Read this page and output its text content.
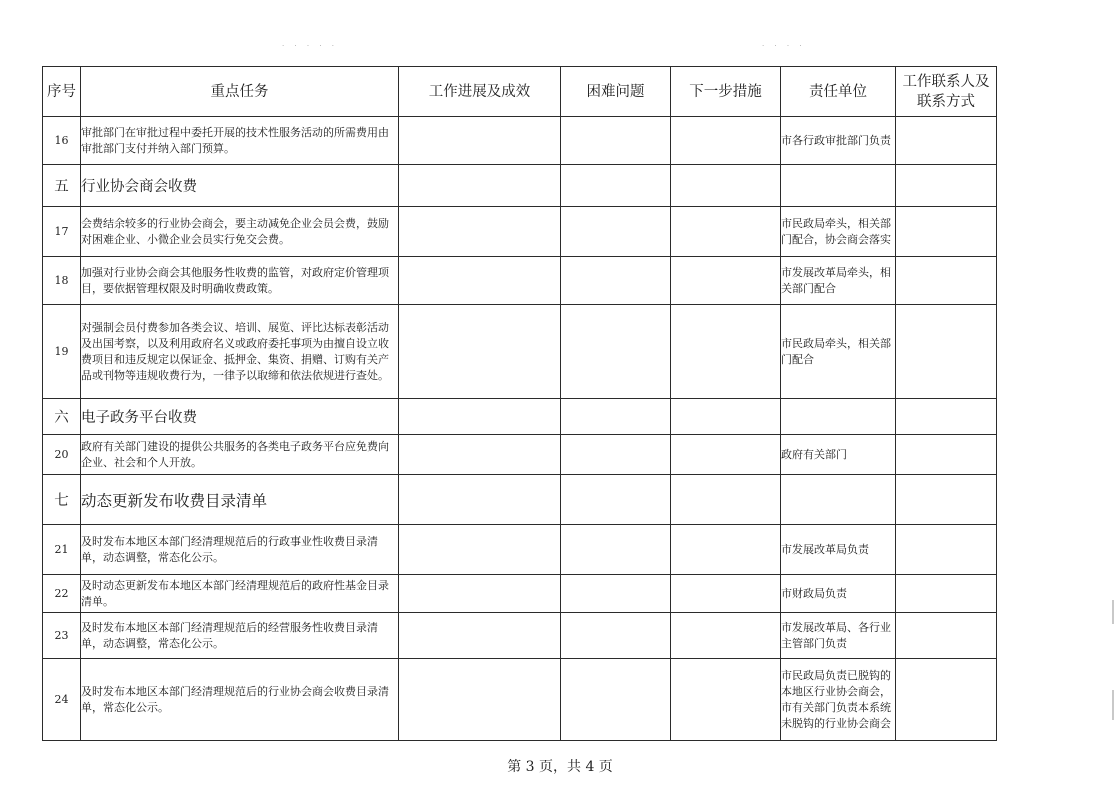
· · · · ·	· · · ·
序号	重点任务	工作进展及成效	困难问题	下一步措施	责任单位	工作联系人及
联系方式

16	审批部门在审批过程中委托开展的技术性服务活动的所需费用由审批部门支付并纳入部门预算。				市各行政审批部门负责	
五	行业协会商会收费					
17	会费结余较多的行业协会商会，要主动减免企业会员会费，鼓励对困难企业、小微企业会员实行免交会费。				市民政局牵头，相关部门配合，协会商会落实	
18	加强对行业协会商会其他服务性收费的监管，对政府定价管理项目，要依据管理权限及时明确收费政策。				市发展改革局牵头，相关部门配合	
19	对强制会员付费参加各类会议、培训、展览、评比达标表彰活动及出国考察，以及利用政府名义或政府委托事项为由擅自设立收费项目和违反规定以保证金、抵押金、集资、捐赠、订购有关产品或刊物等违规收费行为，一律予以取缔和依法依规进行查处。				市民政局牵头，相关部门配合	
六	电子政务平台收费					
20	政府有关部门建设的提供公共服务的各类电子政务平台应免费向企业、社会和个人开放。				政府有关部门	
七	动态更新发布收费目录清单					
21	及时发布本地区本部门经清理规范后的行政事业性收费目录清单，动态调整，常态化公示。				市发展改革局负责	
22	及时动态更新发布本地区本部门经清理规范后的政府性基金目录清单。				市财政局负责	
23	及时发布本地区本部门经清理规范后的经营服务性收费目录清单，动态调整，常态化公示。				市发展改革局、各行业主管部门负责	
24	及时发布本地区本部门经清理规范后的行业协会商会收费目录清单，常态化公示。				市民政局负责已脱钩的本地区行业协会商会，市有关部门负责本系统未脱钩的行业协会商会	
第 3 页，共 4 页
